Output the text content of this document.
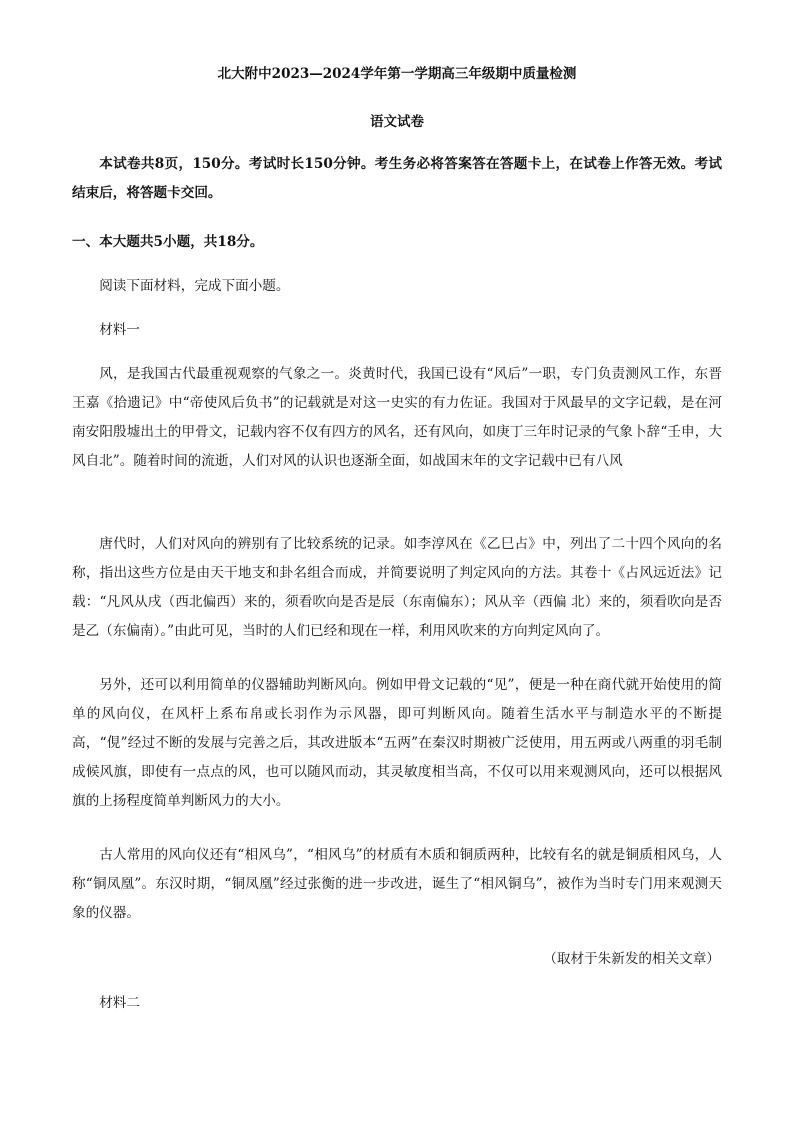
北大附中2023—2024学年第一学期高三年级期中质量检测
语文试卷

本试卷共8页，150分。考试时长150分钟。考生务必将答案答在答题卡上，在试卷上作答无效。考试结束后，将答题卡交回。

一、本大题共5小题，共18分。

阅读下面材料，完成下面小题。

材料一

风，是我国古代最重视观察的气象之一。炎黄时代，我国已设有“风后”一职，专门负责测风工作，东晋王嘉《拾遗记》中“帝使风后负书”的记载就是对这一史实的有力佐证。我国对于风最早的文字记载，是在河南安阳殷墟出土的甲骨文，记载内容不仅有四方的风名，还有风向，如庚丁三年时记录的气象卜辞“壬申，大风自北”。随着时间的流逝，人们对风的认识也逐渐全面，如战国末年的文字记载中已有八风

唐代时，人们对风向的辨别有了比较系统的记录。如李淳风在《乙巳占》中，列出了二十四个风向的名称，指出这些方位是由天干地支和卦名组合而成，并简要说明了判定风向的方法。其卷十《占风远近法》记载：“凡风从戌（西北偏西）来的，须看吹向是否是辰（东南偏东）；风从辛（西偏 北）来的，须看吹向是否是乙（东偏南）。”由此可见，当时的人们已经和现在一样，利用风吹来的方向判定风向了。

另外，还可以利用简单的仪器辅助判断风向。例如甲骨文记载的“见”，便是一种在商代就开始使用的简单的风向仪，在风杆上系布帛或长羽作为示风器，即可判断风向。随着生活水平与制造水平的不断提高，“俔”经过不断的发展与完善之后，其改进版本“五两”在秦汉时期被广泛使用，用五两或八两重的羽毛制成候风旗，即使有一点点的风，也可以随风而动，其灵敏度相当高，不仅可以用来观测风向，还可以根据风旗的上扬程度简单判断风力的大小。

古人常用的风向仪还有“相风乌”，“相风乌”的材质有木质和铜质两种，比较有名的就是铜质相风乌，人称“铜凤凰”。东汉时期，“铜凤凰”经过张衡的进一步改进，诞生了“相风铜乌”，被作为当时专门用来观测天象的仪器。

（取材于朱新发的相关文章）

材料二
